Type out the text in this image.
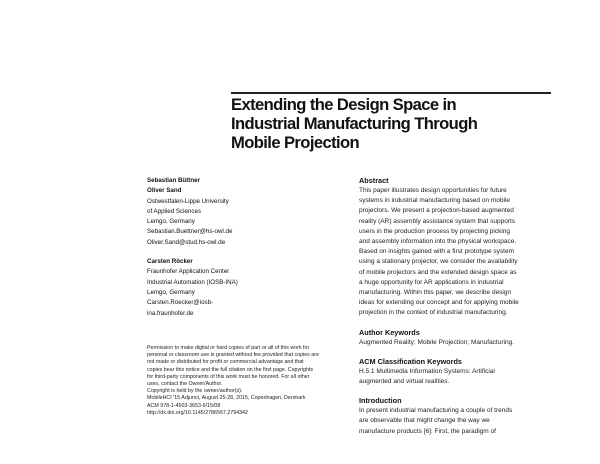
Extending the Design Space in
Industrial Manufacturing Through
Mobile Projection
Sebastian Büttner
Oliver Sand
Ostwestfalen-Lippe University
of Applied Sciences
Lemgo, Germany
Sebastian.Buettner@hs-owl.de
Oliver.Sand@stud.hs-owl.de
Carsten Röcker
Fraunhofer Application Center
Industrial Automation (IOSB-INA)
Lemgo, Germany
Carsten.Roecker@iosb-
ina.fraunhofer.de
Permission to make digital or hard copies of part or all of this work for
personal or classroom use is granted without fee provided that copies are
not made or distributed for profit or commercial advantage and that
copies bear this notice and the full citation on the first page. Copyrights
for third-party components of this work must be honored. For all other
uses, contact the Owner/Author.
Copyright is held by the owner/author(s).
MobileHCI '15 Adjunct, August 25-28, 2015, Copenhagen, Denmark
ACM 978-1-4503-3653-6/15/08
http://dx.doi.org/10.1145/2786567.2794342
Abstract
This paper illustrates design opportunities for future
systems in industrial manufacturing based on mobile
projectors. We present a projection-based augmented
reality (AR) assembly assistance system that supports
users in the production process by projecting picking
and assembly information into the physical workspace.
Based on insights gained with a first prototype system
using a stationary projector, we consider the availability
of mobile projectors and the extended design space as
a huge opportunity for AR applications in industrial
manufacturing. Within this paper, we describe design
ideas for extending our concept and for applying mobile
projection in the context of industrial manufacturing.
Author Keywords
Augmented Reality; Mobile Projection; Manufacturing.
ACM Classification Keywords
H.5.1 Multimedia Information Systems: Artificial
augmented and virtual realities.
Introduction
In present industrial manufacturing a couple of trends
are observable that might change the way we
manufacture products [6]: First, the paradigm of
